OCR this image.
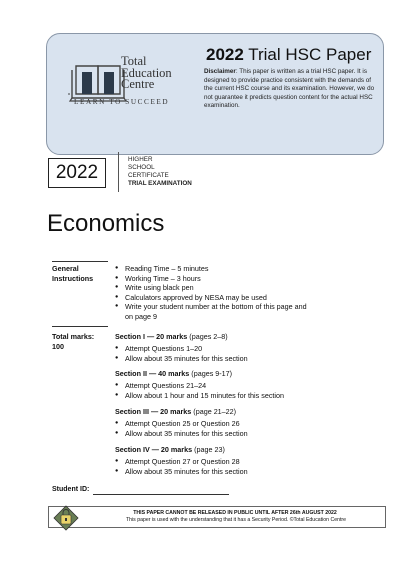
Total
Education
Centre
LEARN TO SUCCEED
2022 Trial HSC Paper
Disclaimer: This paper is written as a trial HSC paper. It is designed to provide practice consistent with the demands of the current HSC course and its examination. However, we do not guarantee it predicts question content for the actual HSC examination.
2022
HIGHER
SCHOOL
CERTIFICATE
TRIAL EXAMINATION
Economics
General
Instructions
● Reading Time – 5 minutes
● Working Time – 3 hours
● Write using black pen
● Calculators approved by NESA may be used
● Write your student number at the bottom of this page and
on page 9
Total marks:
100
Section I — 20 marks (pages 2–8)
● Attempt Questions 1–20
● Allow about 35 minutes for this section
Section II — 40 marks (pages 9-17)
● Attempt Questions 21–24
● Allow about 1 hour and 15 minutes for this section
Section III — 20 marks (page 21–22)
● Attempt Question 25 or Question 26
● Allow about 35 minutes for this section
Section IV — 20 marks (page 23)
● Attempt Question 27 or Question 28
● Allow about 35 minutes for this section
Student ID:
THIS PAPER CANNOT BE RELEASED IN PUBLIC UNTIL AFTER 26th AUGUST 2022
This paper is used with the understanding that it has a Security Period. ©Total Education Centre
